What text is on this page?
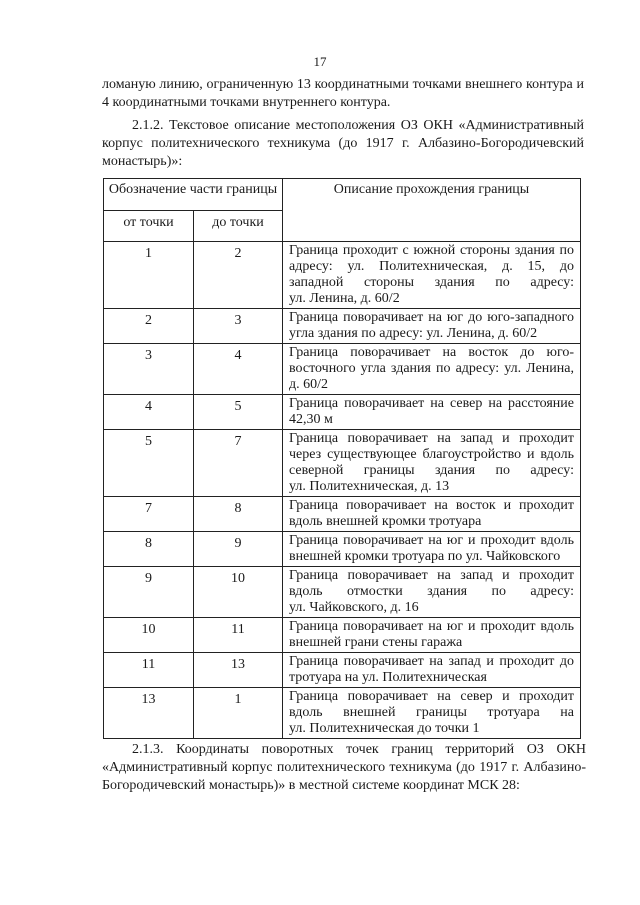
17
ломаную линию, ограниченную 13 координатными точками внешнего контура и
4 координатными точками внутреннего контура.
2.1.2. Текстовое описание местоположения ОЗ ОКН «Административный
корпус политехнического техникума (до 1917 г. Албазино-Богородичевский
монастырь)»:
Обозначение части границы		Описание прохождения границы
от точки	до точки	
1	2	Граница проходит с южной стороны здания по
адресу: ул. Политехническая, д. 15, до
западной стороны здания по адресу:
ул. Ленина, д. 60/2

2	3	Граница поворачивает на юг до юго-западного
угла здания по адресу: ул. Ленина, д. 60/2

3	4	Граница поворачивает на восток до юго-
восточного угла здания по адресу: ул. Ленина,
д. 60/2

4	5	Граница поворачивает на север на расстояние
42,30 м

5	7	Граница поворачивает на запад и проходит
через существующее благоустройство и вдоль
северной границы здания по адресу:
ул. Политехническая, д. 13

7	8	Граница поворачивает на восток и проходит
вдоль внешней кромки тротуара

8	9	Граница поворачивает на юг и проходит вдоль
внешней кромки тротуара по ул. Чайковского

9	10	Граница поворачивает на запад и проходит
вдоль отмостки здания по адресу:
ул. Чайковского, д. 16

10	11	Граница поворачивает на юг и проходит вдоль
внешней грани стены гаража

11	13	Граница поворачивает на запад и проходит до
тротуара на ул. Политехническая

13	1	Граница поворачивает на север и проходит
вдоль внешней границы тротуара на
ул. Политехническая до точки 1
2.1.3. Координаты поворотных точек границ территорий ОЗ ОКН
«Административный корпус политехнического техникума (до 1917 г. Албазино-
Богородичевский монастырь)» в местной системе координат МСК 28:
